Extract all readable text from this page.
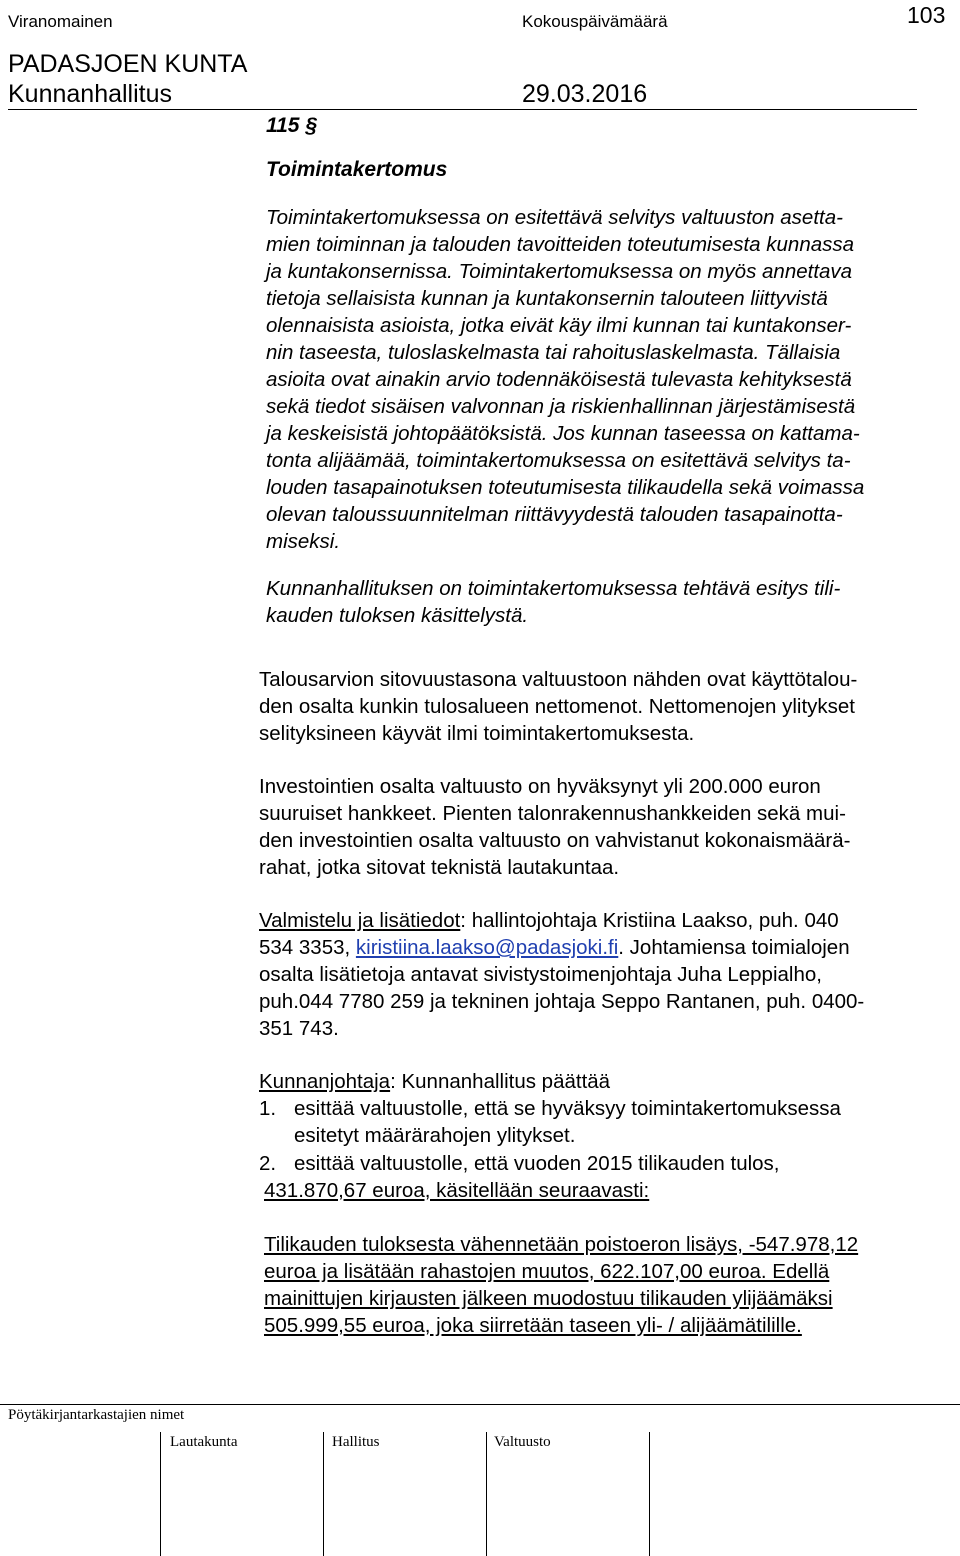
Viranomainen	Kokouspäivämäärä	103
PADASJOEN KUNTA
Kunnanhallitus	29.03.2016
115 §
Toimintakertomus
Toimintakertomuksessa on esitettävä selvitys valtuuston asetta-
mien toiminnan ja talouden tavoitteiden toteutumisesta kunnassa
ja kuntakonsernissa. Toimintakertomuksessa on myös annettava
tietoja sellaisista kunnan ja kuntakonsernin talouteen liittyvistä
olennaisista asioista, jotka eivät käy ilmi kunnan tai kuntakonser-
nin taseesta, tuloslaskelmasta tai rahoituslaskelmasta. Tällaisia
asioita ovat ainakin arvio todennäköisestä tulevasta kehityksestä
sekä tiedot sisäisen valvonnan ja riskienhallinnan järjestämisestä
ja keskeisistä johtopäätöksistä. Jos kunnan taseessa on kattama-
tonta alijäämää, toimintakertomuksessa on esitettävä selvitys ta-
louden tasapainotuksen toteutumisesta tilikaudella sekä voimassa
olevan taloussuunnitelman riittävyydestä talouden tasapainotta-
miseksi.
Kunnanhallituksen on toimintakertomuksessa tehtävä esitys tili-
kauden tuloksen käsittelystä.
Talousarvion sitovuustasona valtuustoon nähden ovat käyttötalou-
den osalta kunkin tulosalueen nettomenot. Nettomenojen ylitykset
selityksineen käyvät ilmi toimintakertomuksesta.
Investointien osalta valtuusto on hyväksynyt yli 200.000 euron
suuruiset hankkeet. Pienten talonrakennushankkeiden sekä mui-
den investointien osalta valtuusto on vahvistanut kokonaismäärä-
rahat, jotka sitovat teknistä lautakuntaa.
Valmistelu ja lisätiedot: hallintojohtaja Kristiina Laakso, puh. 040
534 3353, kiristiina.laakso@padasjoki.fi. Johtamiensa toimialojen
osalta lisätietoja antavat sivistystoimenjohtaja Juha Leppialho,
puh.044 7780 259 ja tekninen johtaja Seppo Rantanen, puh. 0400-
351 743.
Kunnanjohtaja: Kunnanhallitus päättää
1. esittää valtuustolle, että se hyväksyy toimintakertomuksessa
esitetyt määrärahojen ylitykset.
2. esittää valtuustolle, että vuoden 2015 tilikauden tulos,
431.870,67 euroa, käsitellään seuraavasti:
Tilikauden tuloksesta vähennetään poistoeron lisäys, -547.978,12
euroa ja lisätään rahastojen muutos, 622.107,00 euroa. Edellä
mainittujen kirjausten jälkeen muodostuu tilikauden ylijäämäksi
505.999,55 euroa, joka siirretään taseen yli- / alijäämätilille.
Pöytäkirjantarkastajien nimet
Lautakunta	Hallitus	Valtuusto
